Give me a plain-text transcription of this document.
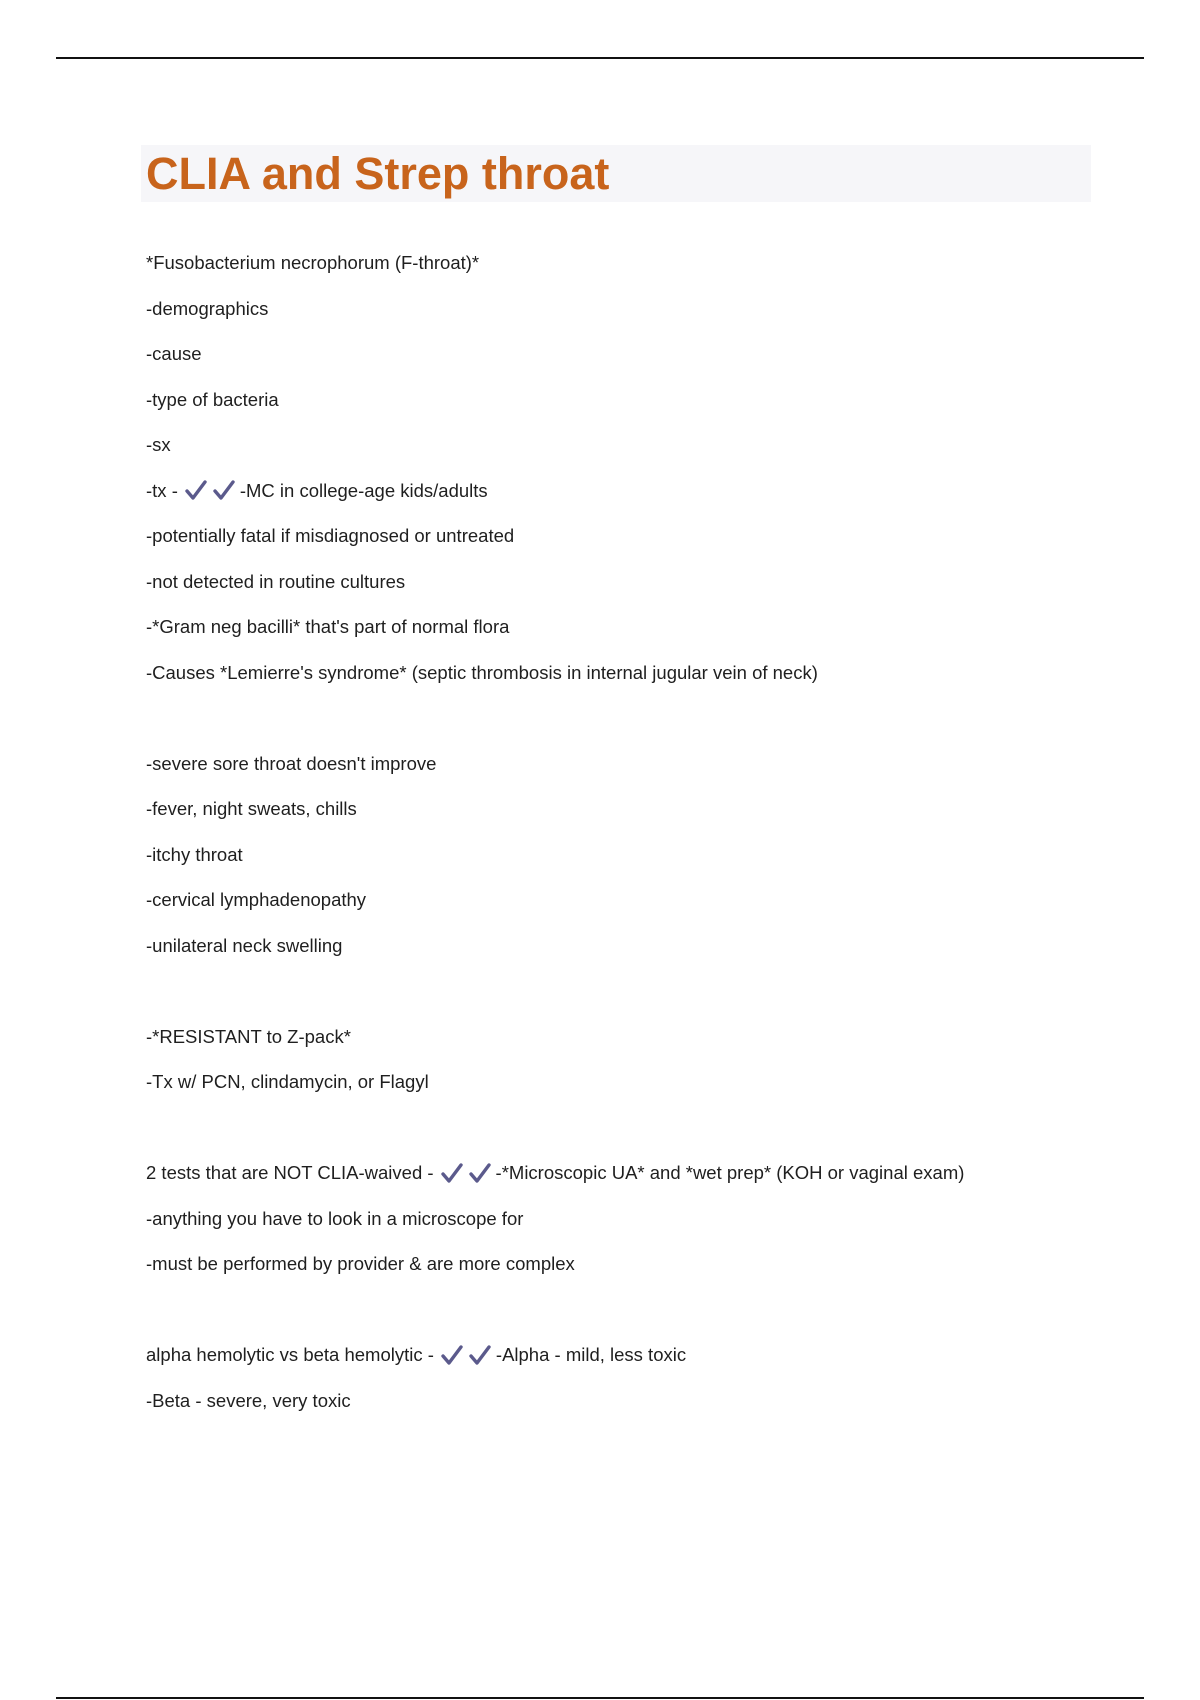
CLIA and Strep throat
*Fusobacterium necrophorum (F-throat)*
-demographics
-cause
-type of bacteria
-sx
-tx -	-MC in college-age kids/adults
-potentially fatal if misdiagnosed or untreated
-not detected in routine cultures
-*Gram neg bacilli* that's part of normal flora
-Causes *Lemierre's syndrome* (septic thrombosis in internal jugular vein of neck)
-severe sore throat doesn't improve
-fever, night sweats, chills
-itchy throat
-cervical lymphadenopathy
-unilateral neck swelling
-*RESISTANT to Z-pack*
-Tx w/ PCN, clindamycin, or Flagyl
2 tests that are NOT CLIA-waived -	-*Microscopic UA* and *wet prep* (KOH or vaginal exam)
-anything you have to look in a microscope for
-must be performed by provider & are more complex
alpha hemolytic vs beta hemolytic -	-Alpha - mild, less toxic
-Beta - severe, very toxic
